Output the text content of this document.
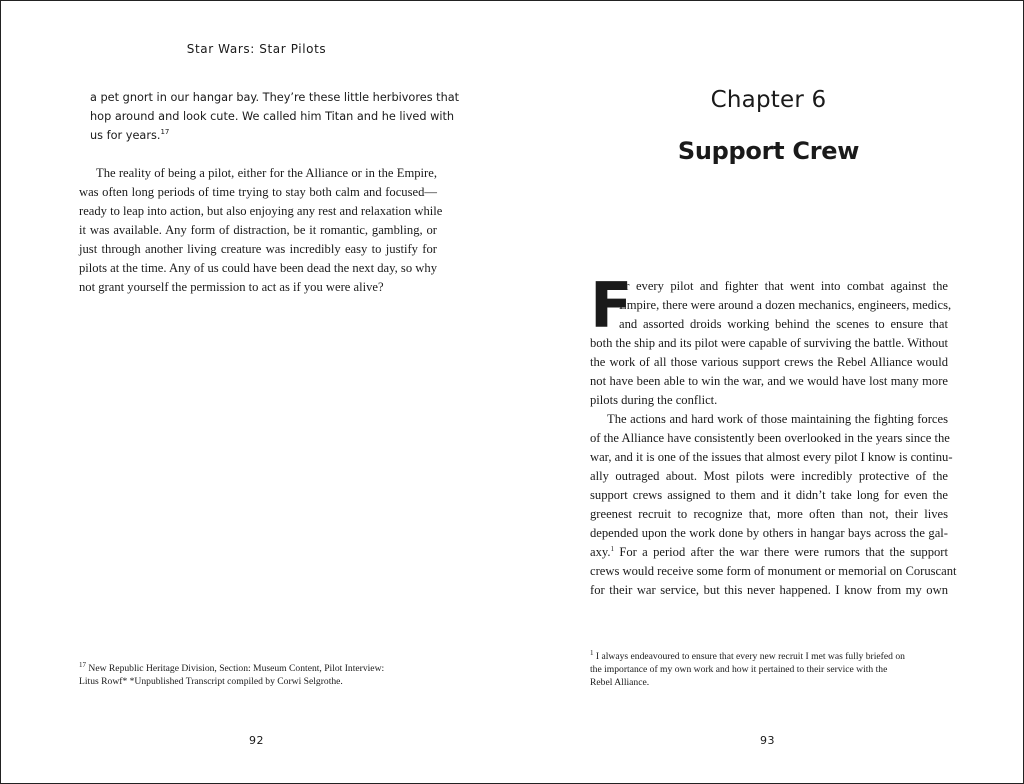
Star Wars: Star Pilots

a pet gnort in our hangar bay. They’re these little herbivores that
hop around and look cute. We called him Titan and he lived with
us for years.$^{17}$

The reality of being a pilot, either for the Alliance or in the Empire,
was often long periods of time trying to stay both calm and focused—
ready to leap into action, but also enjoying any rest and relaxation while
it was available. Any form of distraction, be it romantic, gambling, or
just through another living creature was incredibly easy to justify for
pilots at the time. Any of us could have been dead the next day, so why
not grant yourself the permission to act as if you were alive?

$^{17}$ New Republic Heritage Division, Section: Museum Content, Pilot Interview:
Litus Rowf* *Unpublished Transcript compiled by Corwi Selgrothe.

92
Chapter 6
Support Crew
F

or every pilot and fighter that went into combat against the
Empire, there were around a dozen mechanics, engineers, medics,
and assorted droids working behind the scenes to ensure that
both the ship and its pilot were capable of surviving the battle. Without
the work of all those various support crews the Rebel Alliance would
not have been able to win the war, and we would have lost many more
pilots during the conflict.

The actions and hard work of those maintaining the fighting forces
of the Alliance have consistently been overlooked in the years since the
war, and it is one of the issues that almost every pilot I know is continu-
ally outraged about. Most pilots were incredibly protective of the
support crews assigned to them and it didn’t take long for even the
greenest recruit to recognize that, more often than not, their lives
depended upon the work done by others in hangar bays across the gal-
axy.$^1$ For a period after the war there were rumors that the support
crews would receive some form of monument or memorial on Coruscant
for their war service, but this never happened. I know from my own

$^1$ I always endeavoured to ensure that every new recruit I met was fully briefed on
the importance of my own work and how it pertained to their service with the
Rebel Alliance.

93
